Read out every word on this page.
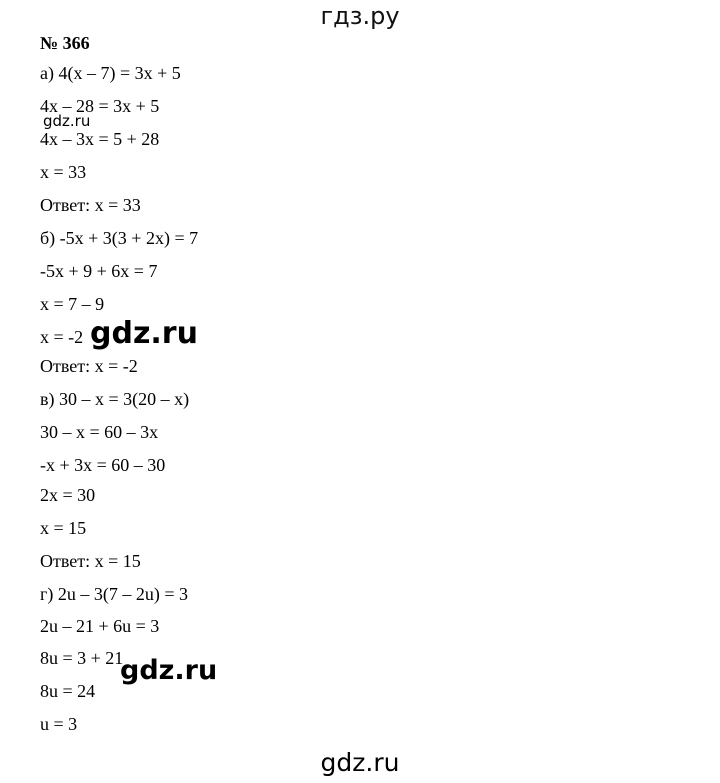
гдз.ру
№ 366
а) 4(х – 7) = 3х + 5
4х – 28 = 3х + 5
4х – 3х = 5 + 28
х = 33
Ответ: х = 33
б) -5х + 3(3 + 2х) = 7
-5х + 9 + 6х = 7
х = 7 – 9
х = -2
Ответ: х = -2
в) 30 – х = 3(20 – х)
30 – х = 60 – 3х
-х + 3х = 60 – 30
2х = 30
х = 15
Ответ: х = 15
г) 2u – 3(7 – 2u) = 3
2u – 21 + 6u = 3
8u = 3 + 21
8u = 24
u = 3
gdz.ru
gdz.ru
gdz.ru
gdz.ru
